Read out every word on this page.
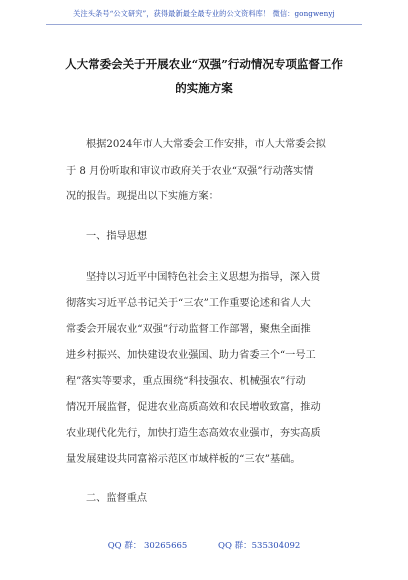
关注头条号“公文研究”，获得最新最全最专业的公文资料库！ 微信：gongwenyj
人大常委会关于开展农业“双强”行动情况专项监督工作
的实施方案
根据2024年市人大常委会工作安排，市人大常委会拟
于 8 月份听取和审议市政府关于农业“双强”行动落实情
况的报告。现提出以下实施方案：
一、指导思想
坚持以习近平中国特色社会主义思想为指导，深入贯
彻落实习近平总书记关于“三农”工作重要论述和省人大
常委会开展农业“双强”行动监督工作部署，聚焦全面推
进乡村振兴、加快建设农业强国、助力省委三个“一号工
程”落实等要求，重点围绕“科技强农、机械强农”行动
情况开展监督，促进农业高质高效和农民增收致富，推动
农业现代化先行，加快打造生态高效农业强市，夯实高质
量发展建设共同富裕示范区市域样板的“三农”基础。
二、监督重点
QQ 群： 30265665	QQ 群：535304092
